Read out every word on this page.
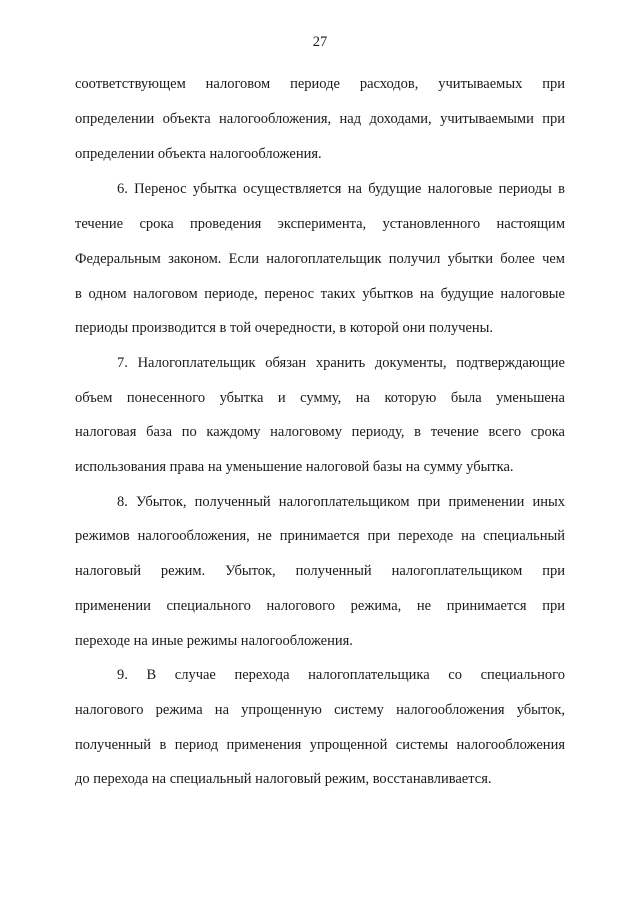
27
соответствующем налоговом периоде расходов, учитываемых при
определении объекта налогообложения, над доходами, учитываемыми при
определении объекта налогообложения.
6. Перенос убытка осуществляется на будущие налоговые периоды в
течение срока проведения эксперимента, установленного настоящим
Федеральным законом. Если налогоплательщик получил убытки более чем
в одном налоговом периоде, перенос таких убытков на будущие налоговые
периоды производится в той очередности, в которой они получены.
7. Налогоплательщик обязан хранить документы, подтверждающие
объем понесенного убытка и сумму, на которую была уменьшена
налоговая база по каждому налоговому периоду, в течение всего срока
использования права на уменьшение налоговой базы на сумму убытка.
8. Убыток, полученный налогоплательщиком при применении иных
режимов налогообложения, не принимается при переходе на специальный
налоговый режим. Убыток, полученный налогоплательщиком при
применении специального налогового режима, не принимается при
переходе на иные режимы налогообложения.
9. В случае перехода налогоплательщика со специального
налогового режима на упрощенную систему налогообложения убыток,
полученный в период применения упрощенной системы налогообложения
до перехода на специальный налоговый режим, восстанавливается.
